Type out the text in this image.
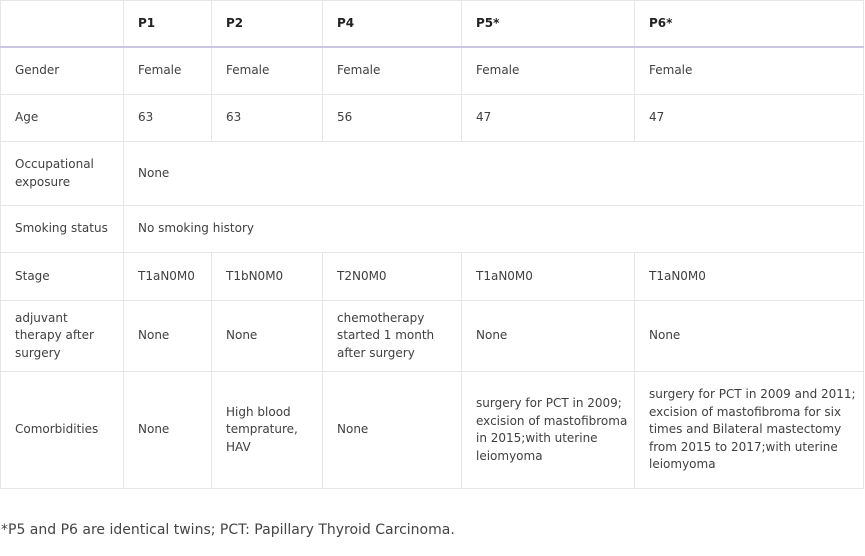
	P1	P2	P4	P5*	P6*
Gender	Female	Female	Female	Female	Female
Age	63	63	56	47	47
Occupational exposure	None				
Smoking status	No smoking history				
Stage	T1aN0M0	T1bN0M0	T2N0M0	T1aN0M0	T1aN0M0
adjuvant therapy after surgery	None	None	chemotherapy started 1 month after surgery	None	None
Comorbidities	None	High blood temprature, HAV	None	surgery for PCT in 2009; excision of mastofibroma in 2015;with uterine leiomyoma	surgery for PCT in 2009 and 2011; excision of mastofibroma for six times and Bilateral mastectomy from 2015 to 2017;with uterine leiomyoma
*P5 and P6 are identical twins; PCT: Papillary Thyroid Carcinoma.
